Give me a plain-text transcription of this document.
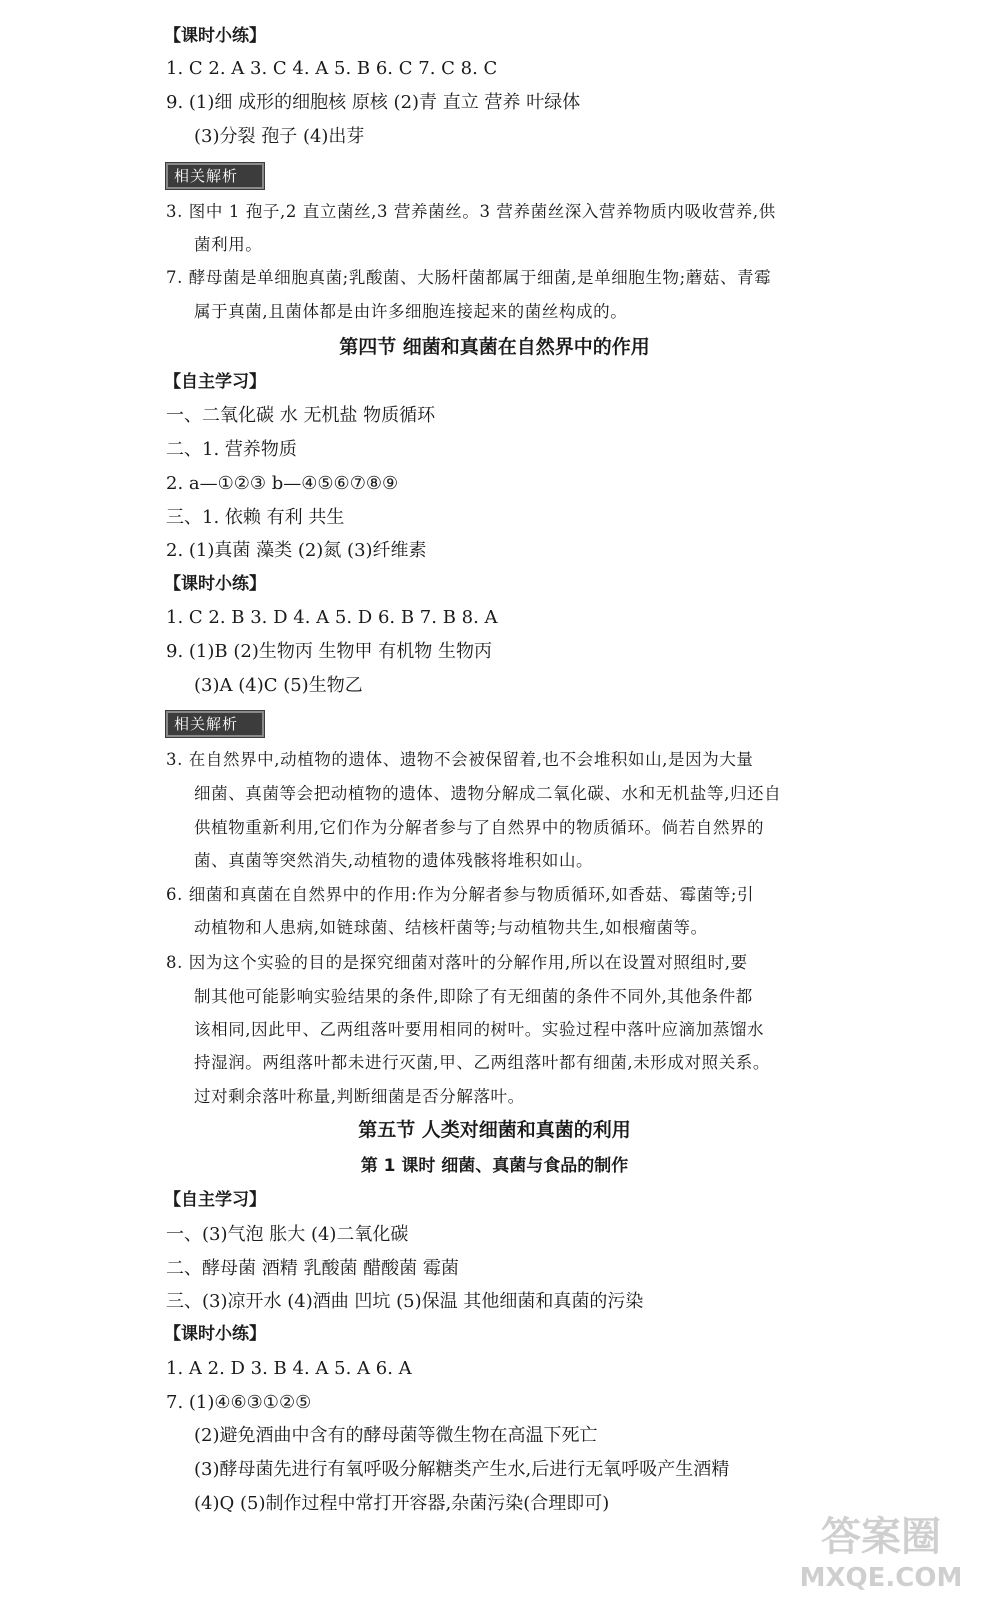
【课时小练】
1. C 2. A 3. C 4. A 5. B 6. C 7. C 8. C
9. (1)细 成形的细胞核 原核 (2)青 直立 营养 叶绿体
(3)分裂 孢子 (4)出芽
相关解析
3. 图中 1 孢子,2 直立菌丝,3 营养菌丝。3 营养菌丝深入营养物质内吸收营养,供
菌利用。
7. 酵母菌是单细胞真菌;乳酸菌、大肠杆菌都属于细菌,是单细胞生物;蘑菇、青霉
属于真菌,且菌体都是由许多细胞连接起来的菌丝构成的。
第四节 细菌和真菌在自然界中的作用
【自主学习】
一、二氧化碳 水 无机盐 物质循环
二、1. 营养物质
2. a—①②③ b—④⑤⑥⑦⑧⑨
三、1. 依赖 有利 共生
2. (1)真菌 藻类 (2)氮 (3)纤维素
【课时小练】
1. C 2. B 3. D 4. A 5. D 6. B 7. B 8. A
9. (1)B (2)生物丙 生物甲 有机物 生物丙
(3)A (4)C (5)生物乙
相关解析
3. 在自然界中,动植物的遗体、遗物不会被保留着,也不会堆积如山,是因为大量
细菌、真菌等会把动植物的遗体、遗物分解成二氧化碳、水和无机盐等,归还自
供植物重新利用,它们作为分解者参与了自然界中的物质循环。倘若自然界的
菌、真菌等突然消失,动植物的遗体残骸将堆积如山。
6. 细菌和真菌在自然界中的作用:作为分解者参与物质循环,如香菇、霉菌等;引
动植物和人患病,如链球菌、结核杆菌等;与动植物共生,如根瘤菌等。
8. 因为这个实验的目的是探究细菌对落叶的分解作用,所以在设置对照组时,要
制其他可能影响实验结果的条件,即除了有无细菌的条件不同外,其他条件都
该相同,因此甲、乙两组落叶要用相同的树叶。实验过程中落叶应滴加蒸馏水
持湿润。两组落叶都未进行灭菌,甲、乙两组落叶都有细菌,未形成对照关系。
过对剩余落叶称量,判断细菌是否分解落叶。
第五节 人类对细菌和真菌的利用
第 1 课时 细菌、真菌与食品的制作
【自主学习】
一、(3)气泡 胀大 (4)二氧化碳
二、酵母菌 酒精 乳酸菌 醋酸菌 霉菌
三、(3)凉开水 (4)酒曲 凹坑 (5)保温 其他细菌和真菌的污染
【课时小练】
1. A 2. D 3. B 4. A 5. A 6. A
7. (1)④⑥③①②⑤
(2)避免酒曲中含有的酵母菌等微生物在高温下死亡
(3)酵母菌先进行有氧呼吸分解糖类产生水,后进行无氧呼吸产生酒精
(4)Q (5)制作过程中常打开容器,杂菌污染(合理即可)
答案圈
MXQE.COM
